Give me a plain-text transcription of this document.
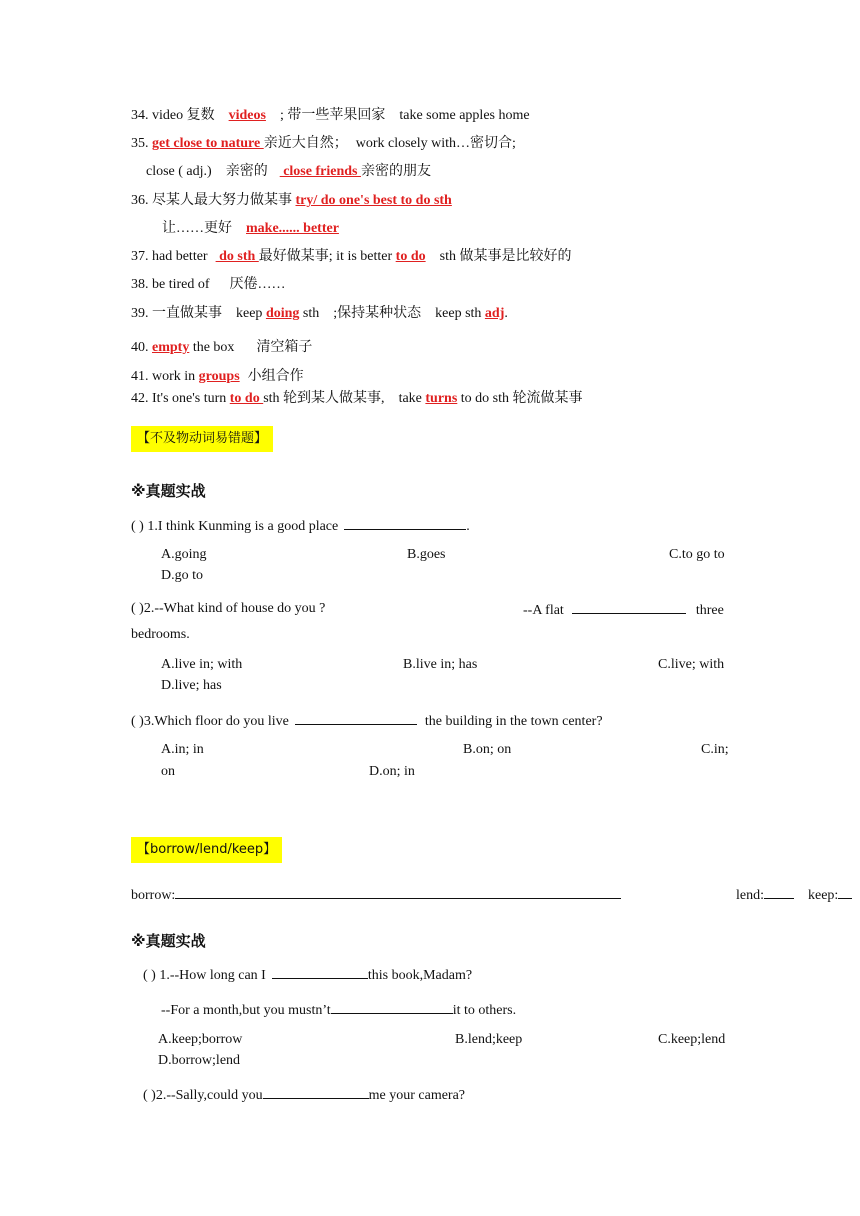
34. video 复数 videos ; 带一些苹果回家 take some apples home
35. get close to nature 亲近大自然； work closely with…密切合;
close ( adj.) 亲密的 close friends 亲密的朋友
36. 尽某人最大努力做某事 try/ do one's best to do sth
让……更好 make...... better
37. had better do sth 最好做某事; it is better to do sth 做某事是比较好的
38. be tired of 厌倦……
39. 一直做某事 keep doing sth ;保持某种状态 keep sth adj.
40. empty the box 清空箱子
41. work in groups 小组合作
42. It's one's turn to do sth 轮到某人做某事, take turns to do sth 轮流做某事
【不及物动词易错题】
※真题实战
( ) 1.I think Kunming is a good place	.
A.going	B.goes	C.to go to
D.go to
( )2.--What kind of house do you ?	--A flat	three
bedrooms.
A.live in; with	B.live in; has	C.live; with
D.live; has
( )3.Which floor do you live	the building in the town center?
A.in; in	B.on; on	C.in;
on	D.on; in
【borrow/lend/keep】
borrow:	lend:	keep:
※真题实战
( ) 1.--How long can I	this book,Madam?
--For a month,but you mustn’t	it to others.
A.keep;borrow	B.lend;keep	C.keep;lend
D.borrow;lend
( )2.--Sally,could you	me your camera?
